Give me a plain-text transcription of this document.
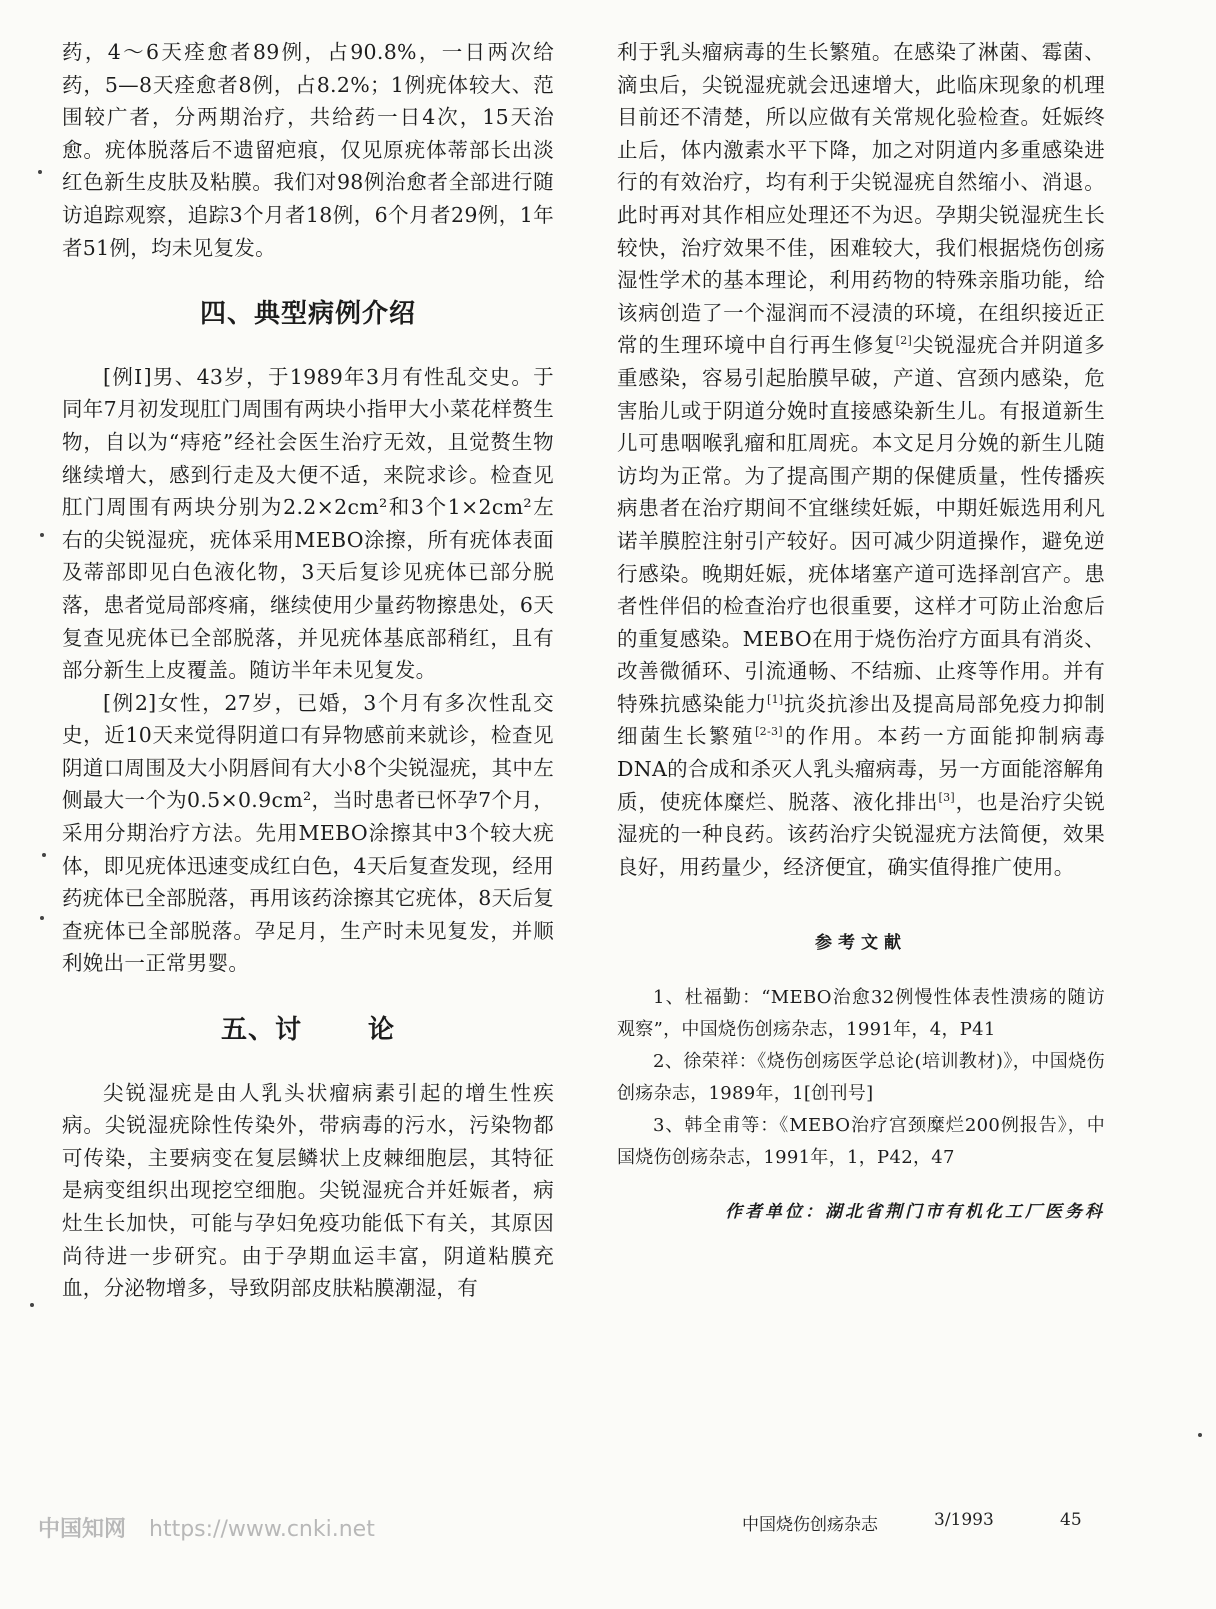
药，4～6天痊愈者89例，占90.8%，一日两次给药，5—8天痊愈者8例，占8.2%；1例疣体较大、范围较广者，分两期治疗，共给药一日4次，15天治愈。疣体脱落后不遗留疤痕，仅见原疣体蒂部长出淡红色新生皮肤及粘膜。我们对98例治愈者全部进行随访追踪观察，追踪3个月者18例，6个月者29例，1年者51例，均未见复发。

四、典型病例介绍

[例Ⅰ]男、43岁，于1989年3月有性乱交史。于同年7月初发现肛门周围有两块小指甲大小菜花样赘生物，自以为“痔疮”经社会医生治疗无效，且觉赘生物继续增大，感到行走及大便不适，来院求诊。检查见肛门周围有两块分别为2.2×2cm²和3个1×2cm²左右的尖锐湿疣，疣体采用MEBO涂擦，所有疣体表面及蒂部即见白色液化物，3天后复诊见疣体已部分脱落，患者觉局部疼痛，继续使用少量药物擦患处，6天复查见疣体已全部脱落，并见疣体基底部稍红，且有部分新生上皮覆盖。随访半年未见复发。

[例2]女性，27岁，已婚，3个月有多次性乱交史，近10天来觉得阴道口有异物感前来就诊，检查见阴道口周围及大小阴唇间有大小8个尖锐湿疣，其中左侧最大一个为0.5×0.9cm²，当时患者已怀孕7个月，采用分期治疗方法。先用MEBO涂擦其中3个较大疣体，即见疣体迅速变成红白色，4天后复查发现，经用药疣体已全部脱落，再用该药涂擦其它疣体，8天后复查疣体已全部脱落。孕足月，生产时未见复发，并顺利娩出一正常男婴。

五、讨 论

尖锐湿疣是由人乳头状瘤病素引起的增生性疾病。尖锐湿疣除性传染外，带病毒的污水，污染物都可传染，主要病变在复层鳞状上皮棘细胞层，其特征是病变组织出现挖空细胞。尖锐湿疣合并妊娠者，病灶生长加快，可能与孕妇免疫功能低下有关，其原因尚待进一步研究。由于孕期血运丰富，阴道粘膜充血，分泌物增多，导致阴部皮肤粘膜潮湿，有

利于乳头瘤病毒的生长繁殖。在感染了淋菌、霉菌、滴虫后，尖锐湿疣就会迅速增大，此临床现象的机理目前还不清楚，所以应做有关常规化验检查。妊娠终止后，体内激素水平下降，加之对阴道内多重感染进行的有效治疗，均有利于尖锐湿疣自然缩小、消退。此时再对其作相应处理还不为迟。孕期尖锐湿疣生长较快，治疗效果不佳，困难较大，我们根据烧伤创疡湿性学术的基本理论，利用药物的特殊亲脂功能，给该病创造了一个湿润而不浸渍的环境，在组织接近正常的生理环境中自行再生修复[2]尖锐湿疣合并阴道多重感染，容易引起胎膜早破，产道、宫颈内感染，危害胎儿或于阴道分娩时直接感染新生儿。有报道新生儿可患咽喉乳瘤和肛周疣。本文足月分娩的新生儿随访均为正常。为了提高围产期的保健质量，性传播疾病患者在治疗期间不宜继续妊娠，中期妊娠选用利凡诺羊膜腔注射引产较好。因可减少阴道操作，避免逆行感染。晚期妊娠，疣体堵塞产道可选择剖宫产。患者性伴侣的检查治疗也很重要，这样才可防止治愈后的重复感染。MEBO在用于烧伤治疗方面具有消炎、改善微循环、引流通畅、不结痂、止疼等作用。并有特殊抗感染能力[1]抗炎抗渗出及提高局部免疫力抑制细菌生长繁殖[2-3]的作用。本药一方面能抑制病毒DNA的合成和杀灭人乳头瘤病毒，另一方面能溶解角质，使疣体糜烂、脱落、液化排出[3]，也是治疗尖锐湿疣的一种良药。该药治疗尖锐湿疣方法简便，效果良好，用药量少，经济便宜，确实值得推广使用。

参考文献

1、杜福勤：“MEBO治愈32例慢性体表性溃疡的随访观察”，中国烧伤创疡杂志，1991年，4，P41

2、徐荣祥：《烧伤创疡医学总论(培训教材)》，中国烧伤创疡杂志，1989年，1[创刊号]

3、韩全甫等：《MEBO治疗宫颈糜烂200例报告》，中国烧伤创疡杂志，1991年，1，P42，47

作者单位：湖北省荆门市有机化工厂医务科
中国知网 https://www.cnki.net	中国烧伤创疡杂志	3/1993	45
